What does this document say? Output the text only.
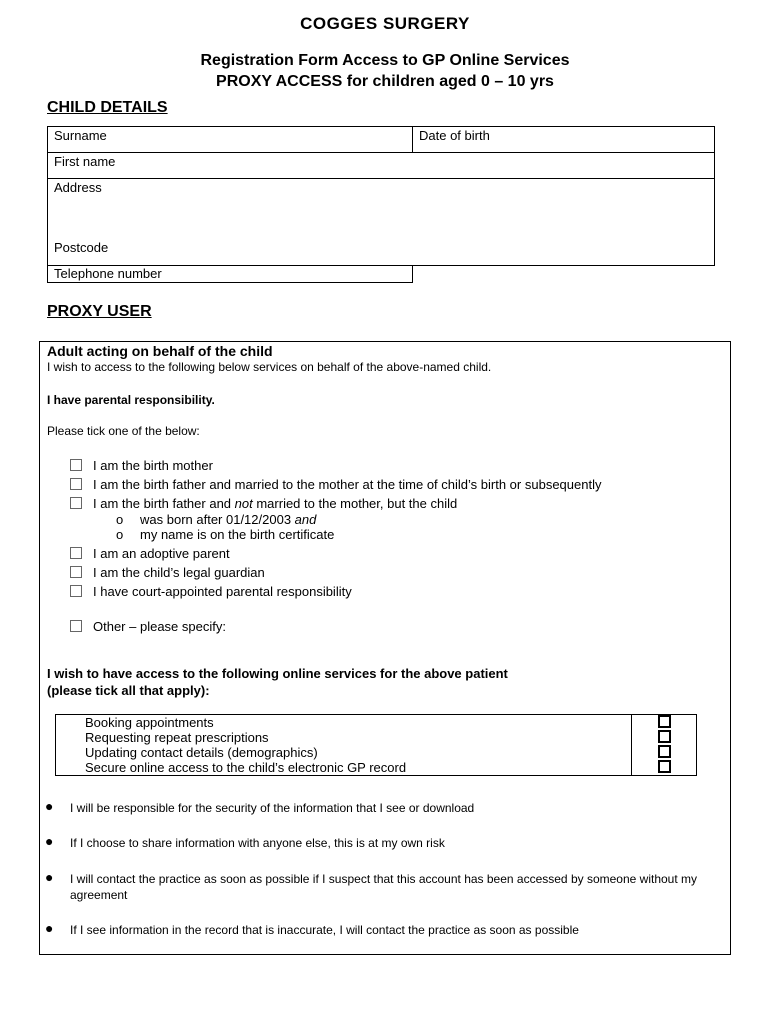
COGGES SURGERY
Registration Form Access to GP Online Services
PROXY ACCESS for children aged 0 – 10 yrs
CHILD DETAILS
Surname	Date of birth
First name
Address
Postcode
Telephone number
PROXY USER
Adult acting on behalf of the child
I wish to access to the following below services on behalf of the above-named child.
I have parental responsibility.
Please tick one of the below:
I am the birth mother
I am the birth father and married to the mother at the time of child’s birth or subsequently
I am the birth father and not married to the mother, but the child
o was born after 01/12/2003 and
o my name is on the birth certificate
I am an adoptive parent
I am the child’s legal guardian
I have court-appointed parental responsibility
Other – please specify:
I wish to have access to the following online services for the above patient
(please tick all that apply):
Booking appointments	
Requesting repeat prescriptions	
Updating contact details (demographics)	
Secure online access to the child’s electronic GP record	
● I will be responsible for the security of the information that I see or download
● If I choose to share information with anyone else, this is at my own risk
● I will contact the practice as soon as possible if I suspect that this account has been accessed by someone without my agreement
● If I see information in the record that is inaccurate, I will contact the practice as soon as possible
